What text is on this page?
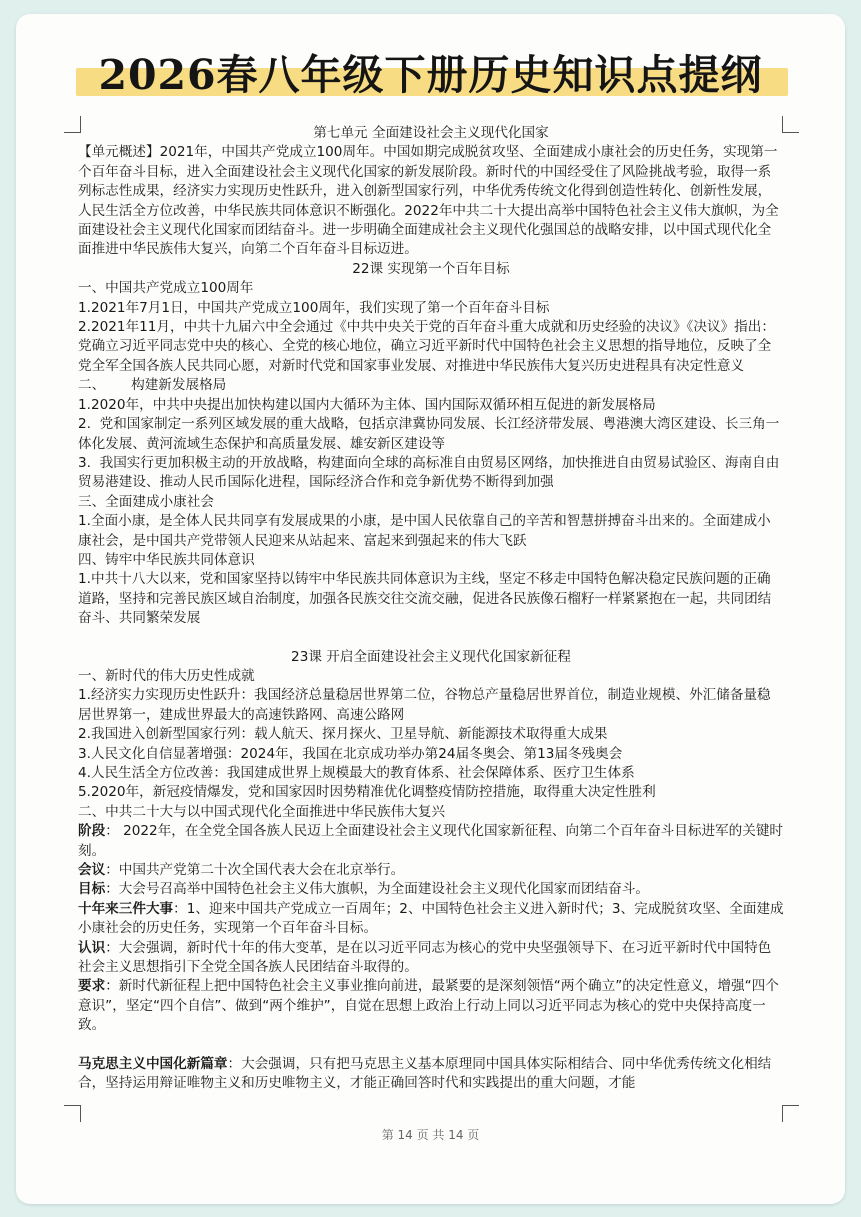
2026春八年级下册历史知识点提纲

第七单元 全面建设社会主义现代化国家

【单元概述】2021年，中国共产党成立100周年。中国如期完成脱贫攻坚、全面建成小康社会的历史任务，实现第一个百年奋斗目标，进入全面建设社会主义现代化国家的新发展阶段。新时代的中国经受住了风险挑战考验，取得一系列标志性成果，经济实力实现历史性跃升，进入创新型国家行列，中华优秀传统文化得到创造性转化、创新性发展，人民生活全方位改善，中华民族共同体意识不断强化。2022年中共二十大提出高举中国特色社会主义伟大旗帜，为全面建设社会主义现代化国家而团结奋斗。进一步明确全面建成社会主义现代化强国总的战略安排，以中国式现代化全面推进中华民族伟大复兴，向第二个百年奋斗目标迈进。

22课 实现第一个百年目标

一、中国共产党成立100周年

1.2021年7月1日，中国共产党成立100周年，我们实现了第一个百年奋斗目标

2.2021年11月，中共十九届六中全会通过《中共中央关于党的百年奋斗重大成就和历史经验的决议》《决议》指出：党确立习近平同志党中央的核心、全党的核心地位，确立习近平新时代中国特色社会主义思想的指导地位，反映了全党全军全国各族人民共同心愿，对新时代党和国家事业发展、对推进中华民族伟大复兴历史进程具有决定性意义

二、      构建新发展格局

1.2020年，中共中央提出加快构建以国内大循环为主体、国内国际双循环相互促进的新发展格局

2.  党和国家制定一系列区域发展的重大战略，包括京津冀协同发展、长江经济带发展、粤港澳大湾区建设、长三角一体化发展、黄河流域生态保护和高质量发展、雄安新区建设等

3.  我国实行更加积极主动的开放战略，构建面向全球的高标准自由贸易区网络，加快推进自由贸易试验区、海南自由贸易港建设、推动人民币国际化进程，国际经济合作和竞争新优势不断得到加强

三、全面建成小康社会

1.全面小康，是全体人民共同享有发展成果的小康，是中国人民依靠自己的辛苦和智慧拼搏奋斗出来的。全面建成小康社会，是中国共产党带领人民迎来从站起来、富起来到强起来的伟大飞跃

四、铸牢中华民族共同体意识

1.中共十八大以来，党和国家坚持以铸牢中华民族共同体意识为主线，坚定不移走中国特色解决稳定民族问题的正确道路，坚持和完善民族区域自治制度，加强各民族交往交流交融，促进各民族像石榴籽一样紧紧抱在一起，共同团结奋斗、共同繁荣发展

23课 开启全面建设社会主义现代化国家新征程

一、新时代的伟大历史性成就

1.经济实力实现历史性跃升：我国经济总量稳居世界第二位，谷物总产量稳居世界首位，制造业规模、外汇储备量稳居世界第一，建成世界最大的高速铁路网、高速公路网

2.我国进入创新型国家行列：载人航天、探月探火、卫星导航、新能源技术取得重大成果

3.人民文化自信显著增强：2024年，我国在北京成功举办第24届冬奥会、第13届冬残奥会

4.人民生活全方位改善：我国建成世界上规模最大的教育体系、社会保障体系、医疗卫生体系

5.2020年，新冠疫情爆发，党和国家因时因势精准优化调整疫情防控措施，取得重大决定性胜利

二、中共二十大与以中国式现代化全面推进中华民族伟大复兴

阶段： 2022年，在全党全国各族人民迈上全面建设社会主义现代化国家新征程、向第二个百年奋斗目标进军的关键时刻。

会议：中国共产党第二十次全国代表大会在北京举行。

目标：大会号召高举中国特色社会主义伟大旗帜，为全面建设社会主义现代化国家而团结奋斗。

十年来三件大事：1、迎来中国共产党成立一百周年；2、中国特色社会主义进入新时代；3、完成脱贫攻坚、全面建成小康社会的历史任务，实现第一个百年奋斗目标。

认识：大会强调，新时代十年的伟大变革，是在以习近平同志为核心的党中央坚强领导下、在习近平新时代中国特色社会主义思想指引下全党全国各族人民团结奋斗取得的。

要求：新时代新征程上把中国特色社会主义事业推向前进，最紧要的是深刻领悟“两个确立”的决定性意义，增强“四个意识”，坚定“四个自信”、做到“两个维护”，自觉在思想上政治上行动上同以习近平同志为核心的党中央保持高度一致。

马克思主义中国化新篇章：大会强调，只有把马克思主义基本原理同中国具体实际相结合、同中华优秀传统文化相结合，坚持运用辩证唯物主义和历史唯物主义，才能正确回答时代和实践提出的重大问题，才能

第 14 页 共 14 页
